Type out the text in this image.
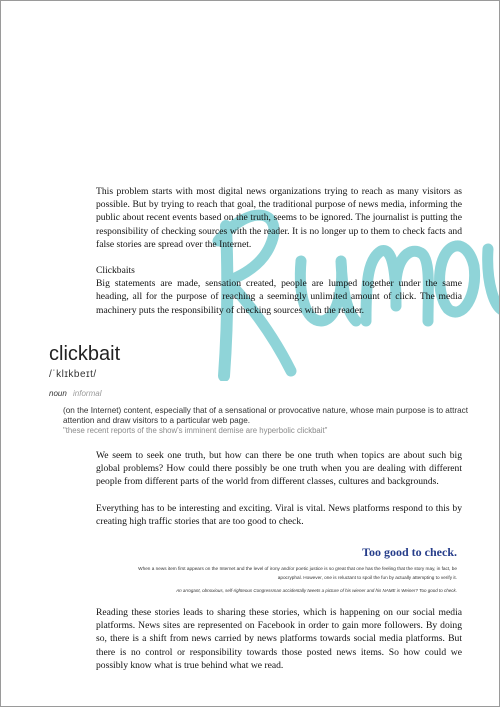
This problem starts with most digital news organizations trying to reach as many visitors as possible. But by trying to reach that goal, the traditional purpose of news media, informing the public about recent events based on the truth, seems to be ignored. The journalist is putting the responsibility of checking sources with the reader. It is no longer up to them to check facts and false stories are spread over the Internet.

Clickbaits

Big statements are made, sensation created, people are lumped together under the same heading, all for the purpose of reaching a seemingly unlimited amount of click. The media machinery puts the responsibility of checking sources with the reader.

clickbait
/ˈklɪkbeɪt/
noun informal
(on the Internet) content, especially that of a sensational or provocative nature, whose main purpose is to attract attention and draw visitors to a particular web page.
"these recent reports of the show's imminent demise are hyperbolic clickbait"

We seem to seek one truth, but how can there be one truth when topics are about such big global problems? How could there possibly be one truth when you are dealing with different people from different parts of the world from different classes, cultures and backgrounds.

Everything has to be interesting and exciting. Viral is vital. News platforms respond to this by creating high traffic stories that are too good to check.

Too good to check.
When a news item first appears on the Internet and the level of irony and/or poetic justice is so great that one has the feeling that the story may, in fact, be apocryphal. However, one is reluctant to spoil the fun by actually attempting to verify it.
An arrogant, obnoxious, self-righteous Congressman accidentally tweets a picture of his wiener and his NAME is Weiner? Too good to check.

Reading these stories leads to sharing these stories, which is happening on our social media platforms. News sites are represented on Facebook in order to gain more followers. By doing so, there is a shift from news carried by news platforms towards social media platforms. But there is no control or responsibility towards those posted news items. So how could we possibly know what is true behind what we read.
